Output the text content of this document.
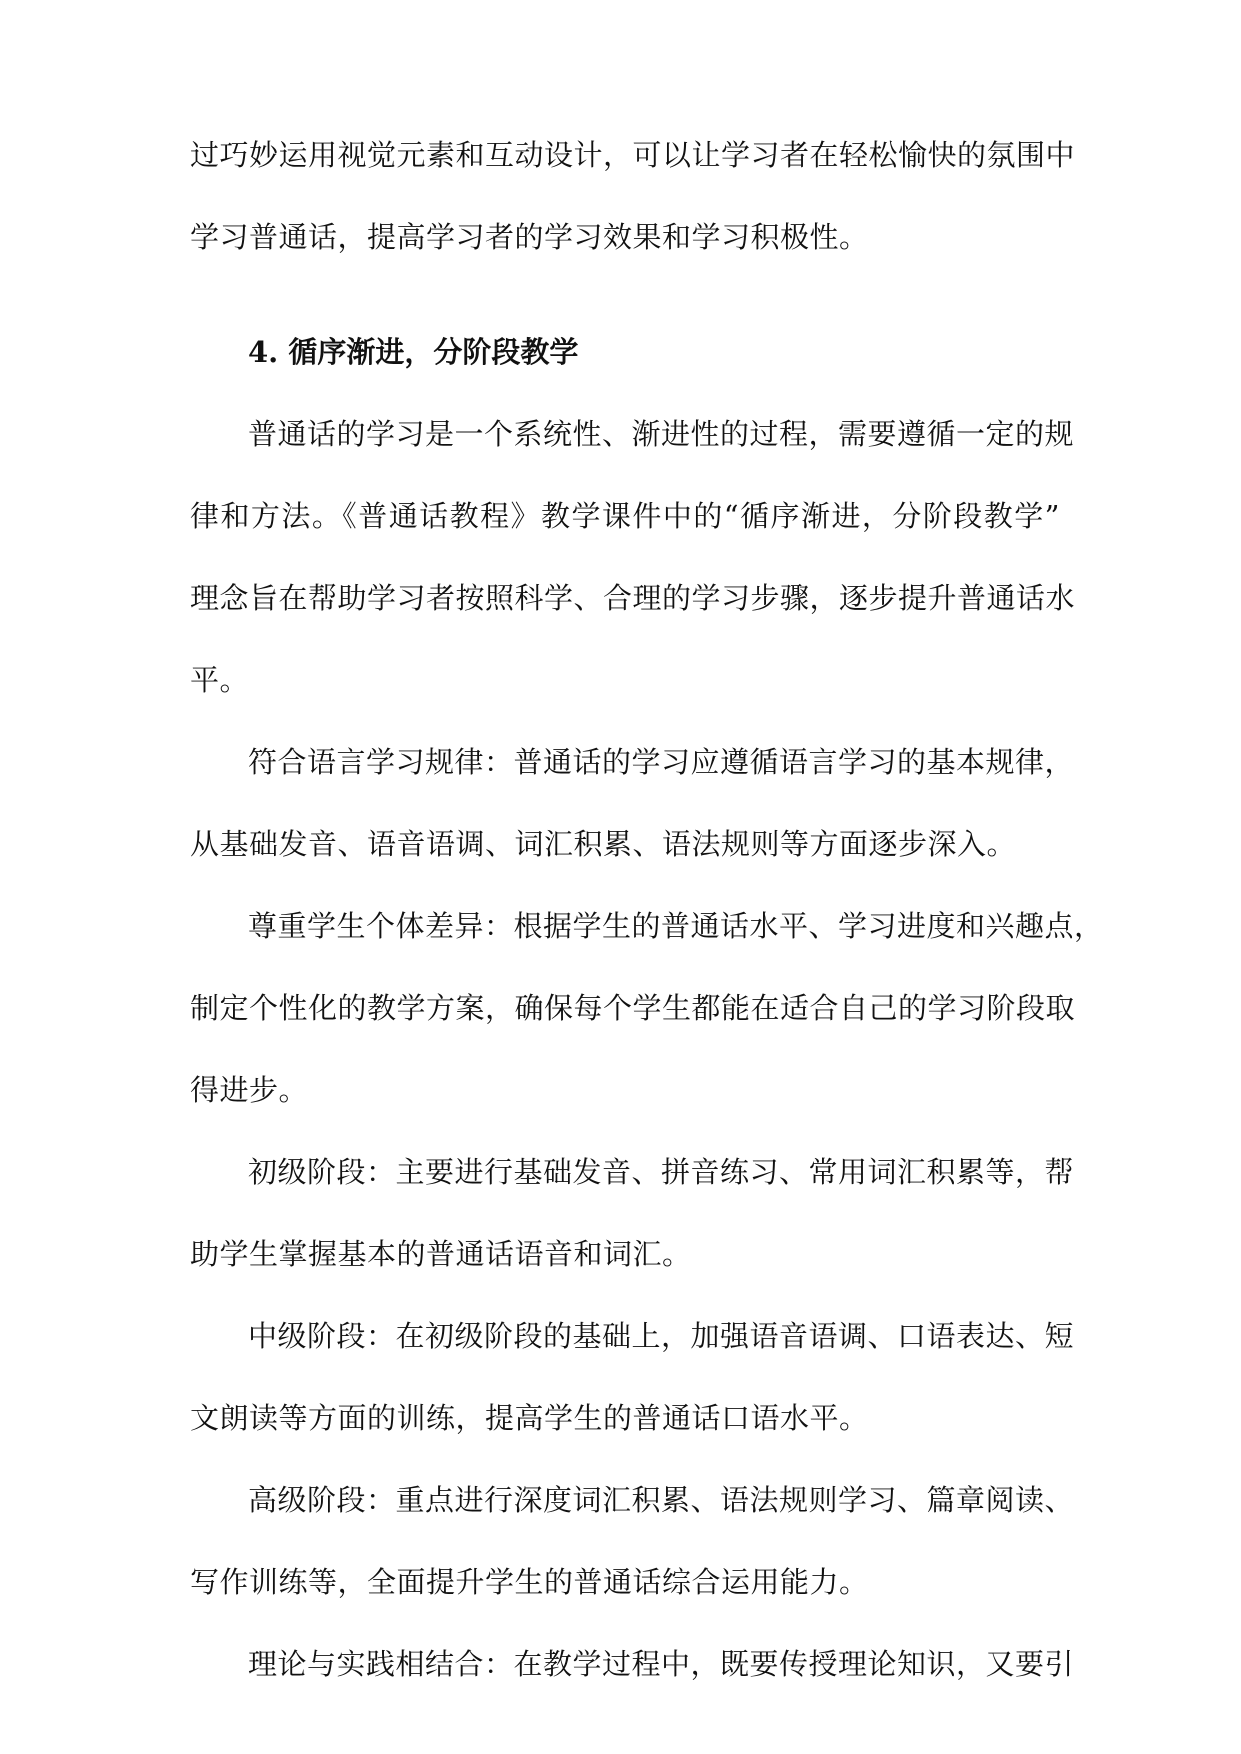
过巧妙运用视觉元素和互动设计，可以让学习者在轻松愉快的氛围中
学习普通话，提高学习者的学习效果和学习积极性。
4. 循序渐进，分阶段教学
普通话的学习是一个系统性、渐进性的过程，需要遵循一定的规
律和方法。《普通话教程》教学课件中的“循序渐进，分阶段教学”
理念旨在帮助学习者按照科学、合理的学习步骤，逐步提升普通话水
平。
符合语言学习规律：普通话的学习应遵循语言学习的基本规律，
从基础发音、语音语调、词汇积累、语法规则等方面逐步深入。
尊重学生个体差异：根据学生的普通话水平、学习进度和兴趣点，
制定个性化的教学方案，确保每个学生都能在适合自己的学习阶段取
得进步。
初级阶段：主要进行基础发音、拼音练习、常用词汇积累等，帮
助学生掌握基本的普通话语音和词汇。
中级阶段：在初级阶段的基础上，加强语音语调、口语表达、短
文朗读等方面的训练，提高学生的普通话口语水平。
高级阶段：重点进行深度词汇积累、语法规则学习、篇章阅读、
写作训练等，全面提升学生的普通话综合运用能力。
理论与实践相结合：在教学过程中，既要传授理论知识，又要引
